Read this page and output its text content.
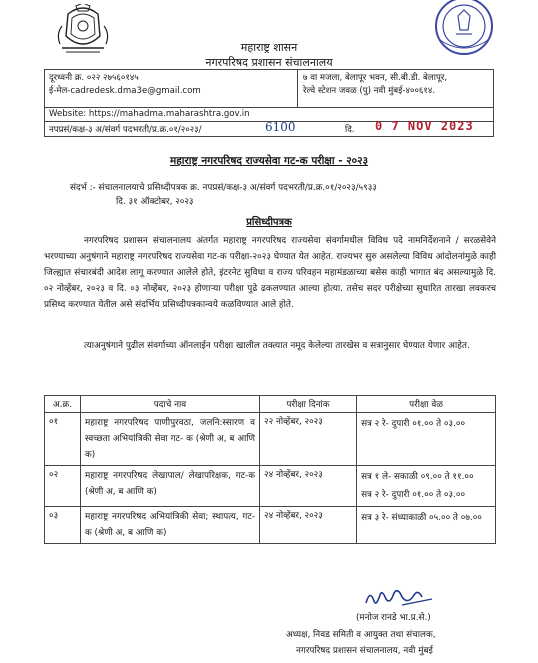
महाराष्ट्र शासन
नगरपरिषद प्रशासन संचालनालय
दूरध्वनी क्र. ०२२ २७५६०१४५
ई-मेल-cadredesk.dma3e@gmail.com
७ वा मजला, बेलापूर भवन, सी.बी.डी. बेलापूर,
रेल्वे स्टेशन जवळ (पु) नवी मुंबई-४००६१४.
Website: https://mahadma.maharashtra.gov.in
नपप्रसं/कक्ष-३ अ/संवर्ग पदभरती/प्र.क्र.०१/२०२३/	6100	दि. 0 7 NOV 2023
महाराष्ट्र नगरपरिषद राज्यसेवा गट-क परीक्षा - २०२३
संदर्भ :- संचालनालयाचे प्रसिध्दीपत्रक क्र. नपप्रसं/कक्ष-३ अ/संवर्ग पदभरती/प्र.क्र.०१/२०२३/५९३३
दि. ३१ ऑक्टोबर, २०२३
प्रसिध्दीपत्रक
नगरपरिषद प्रशासन संचालनालय अंतर्गत महाराष्ट्र नगरपरिषद राज्यसेवा संवर्गामधील विविध पदे नामनिर्देशनाने / सरळसेवेने भरण्याच्या अनुषंगाने महाराष्ट्र नगरपरिषद राज्यसेवा गट-क परीक्षा-२०२३ घेण्यात येत आहेत. राज्यभर सुरु असलेल्या विविध आंदोलनांमुळे काही जिल्ह्यात संचारबंदी आदेश लागू करण्यात आलेले होते, इंटरनेट सुविधा व राज्य परिवहन महामंडळाच्या बसेस काही भागात बंद असल्यामुळे दि. ०२ नोव्हेंबर, २०२३ व दि. ०३ नोव्हेंबर, २०२३ होणाऱ्या परीक्षा पुढे ढकलण्यात आल्या होत्या. तसेच सदर परीक्षेच्या सुधारित तारखा लवकरच प्रसिध्द करण्यात येतील असे संदर्भिय प्रसिध्दीपत्रकान्वये कळविण्यात आले होते.
त्याअनुषंगाने पुढील संवर्गाच्या ऑनलाईन परीक्षा खालील तक्त्यात नमूद केलेल्या तारखेस व सत्रानुसार घेण्यात येणार आहेत.
अ.क्र.	पदाचे नाव	परीक्षा दिनांक	परीक्षा वेळ
०१	महाराष्ट्र नगरपरिषद पाणीपुरवठा, जलनि:स्सारण व स्वच्छता अभियांत्रिकी सेवा गट- क (श्रेणी अ, ब आणि क)	२२ नोव्हेंबर, २०२३	सत्र २ रे- दुपारी ०१.०० ते ०३.००

०२	महाराष्ट्र नगरपरिषद लेखापाल/ लेखापरिक्षक, गट-क (श्रेणी अ, ब आणि क)	२४ नोव्हेंबर, २०२३	सत्र १ ले- सकाळी ०९.०० ते ११.००
सत्र २ रे- दुपारी ०१.०० ते ०३.००

०३	महाराष्ट्र नगरपरिषद अभियांत्रिकी सेवा; स्थापत्य, गट-क (श्रेणी अ, ब आणि क)	२४ नोव्हेंबर, २०२३	सत्र ३ रे- संध्याकाळी ०५.०० ते ०७.००
(मनोज रानडे भा.प्र.से.)
अध्यक्ष, निवड समिती व आयुक्त तथा संचालक,
नगरपरिषद प्रशासन संचालनालय, नवी मुंबई
